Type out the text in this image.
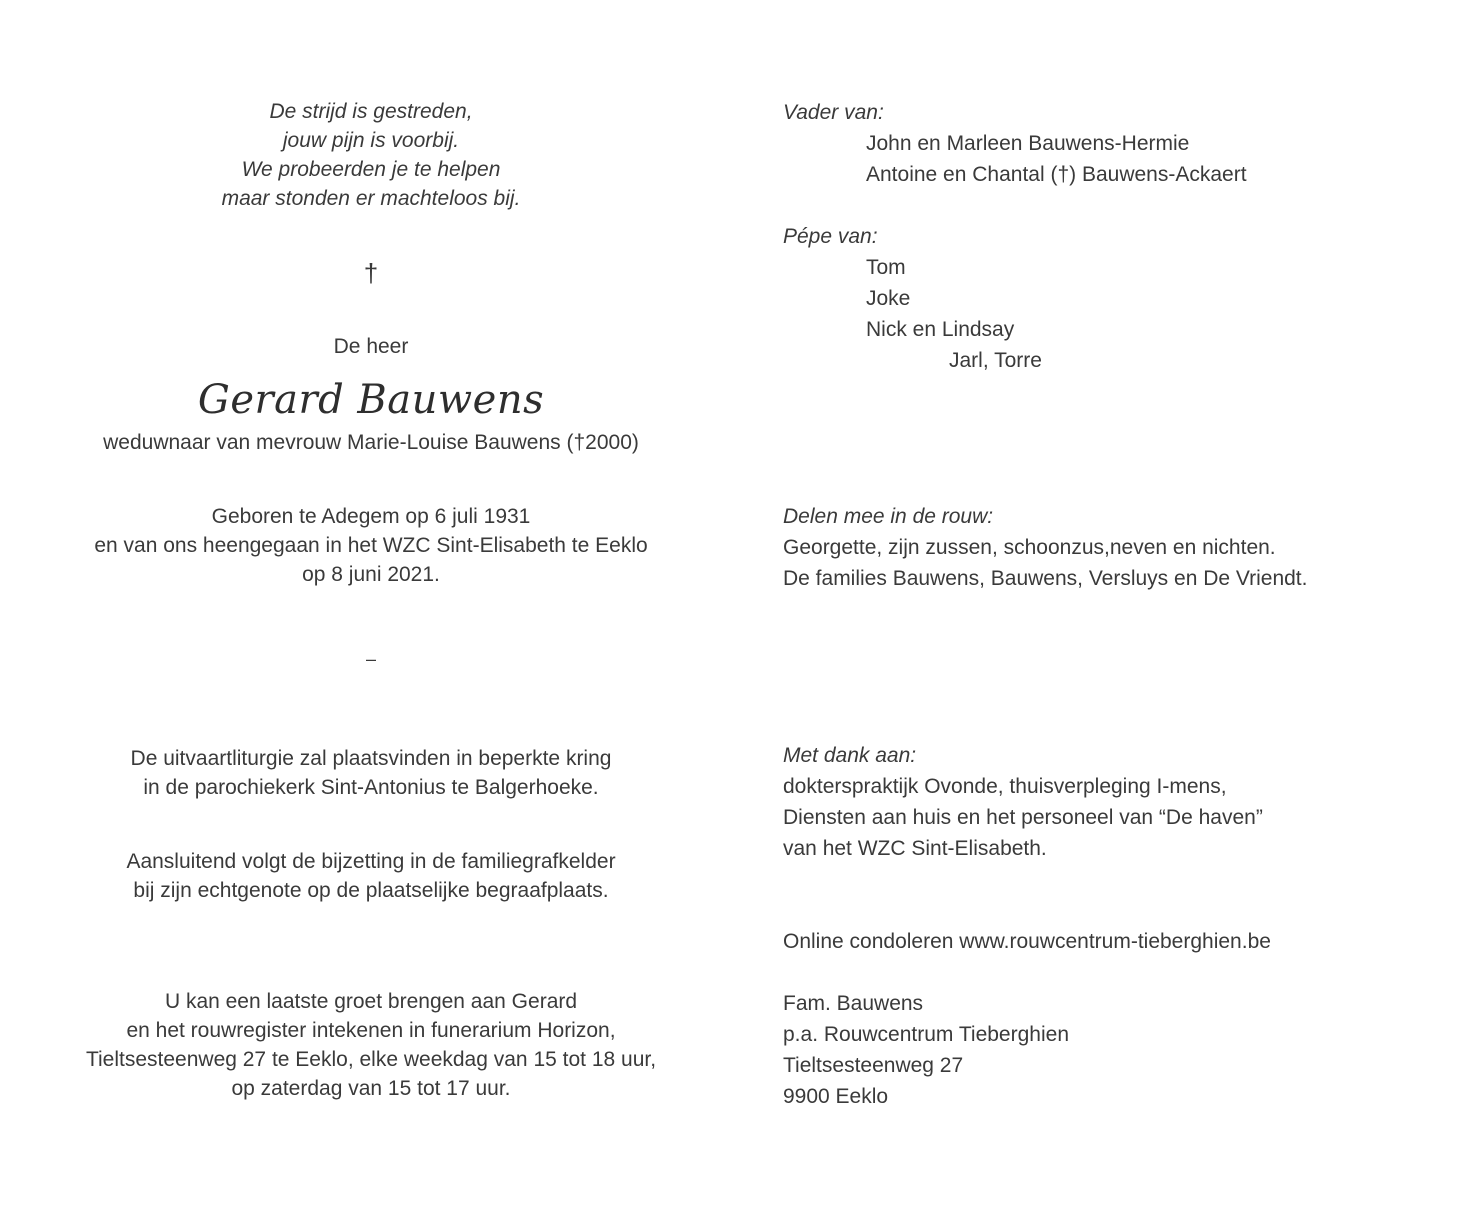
De strijd is gestreden,
jouw pijn is voorbij.
We probeerden je te helpen
maar stonden er machteloos bij.
†
De heer
Gerard Bauwens
weduwnaar van mevrouw Marie-Louise Bauwens (†2000)
Geboren te Adegem op 6 juli 1931
en van ons heengegaan in het WZC Sint-Elisabeth te Eeklo
op 8 juni 2021.
–
De uitvaartliturgie zal plaatsvinden in beperkte kring
in de parochiekerk Sint-Antonius te Balgerhoeke.
Aansluitend volgt de bijzetting in de familiegrafkelder
bij zijn echtgenote op de plaatselijke begraafplaats.
U kan een laatste groet brengen aan Gerard
en het rouwregister intekenen in funerarium Horizon,
Tieltsesteenweg 27 te Eeklo, elke weekdag van 15 tot 18 uur,
op zaterdag van 15 tot 17 uur.
Vader van:
John en Marleen Bauwens-Hermie
Antoine en Chantal (†) Bauwens-Ackaert
Pépe van:
Tom
Joke
Nick en Lindsay
Jarl, Torre
Delen mee in de rouw:
Georgette, zijn zussen, schoonzus,neven en nichten.
De families Bauwens, Bauwens, Versluys en De Vriendt.
Met dank aan:
dokterspraktijk Ovonde, thuisverpleging I-mens,
Diensten aan huis en het personeel van “De haven”
van het WZC Sint-Elisabeth.
Online condoleren www.rouwcentrum-tieberghien.be
Fam. Bauwens
p.a. Rouwcentrum Tieberghien
Tieltsesteenweg 27
9900 Eeklo
